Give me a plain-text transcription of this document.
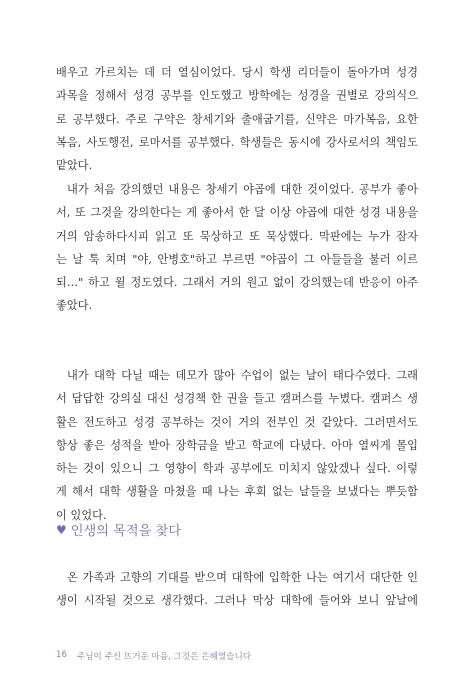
배우고 가르치는 데 더 열심이었다. 당시 학생 리더들이 돌아가며 성경
과목을 정해서 성경 공부를 인도했고 방학에는 성경을 권별로 강의식으
로 공부했다. 주로 구약은 창세기와 출애굽기를, 신약은 마가복음, 요한
복음, 사도행전, 로마서를 공부했다. 학생들은 동시에 강사로서의 책임도
맡았다.
내가 처음 강의했던 내용은 창세기 야곱에 대한 것이었다. 공부가 좋아
서, 또 그것을 강의한다는 게 좋아서 한 달 이상 야곱에 대한 성경 내용을
거의 암송하다시피 읽고 또 묵상하고 또 묵상했다. 막판에는 누가 잠자
는 날 툭 치며 "야, 안병호"하고 부르면 "야곱이 그 아들들을 불러 이르
되…" 하고 윌 정도였다. 그래서 거의 원고 없이 강의했는데 반응이 아주
좋았다.
내가 대학 다닐 때는 데모가 많아 수업이 없는 날이 태다수였다. 그래
서 답답한 강의실 대신 성경책 한 권을 들고 캠퍼스를 누볐다. 캠퍼스 생
활은 전도하고 성경 공부하는 것이 거의 전부인 것 같았다. 그러면서도
항상 좋은 성적을 받아 장학금을 받고 학교에 다녔다. 아마 열씨게 몰입
하는 것이 있으니 그 영향이 학과 공부에도 미치지 않았겠나 싶다. 이렇
게 해서 대학 생활을 마쳤을 때 나는 후회 없는 날들을 보냈다는 뿌듯함
이 있었다.
♥ 인생의 목적을 찾다
온 가족과 고향의 기대를 받으며 대학에 입학한 나는 여기서 대단한 인
생이 시작될 것으로 생각했다. 그러나 막상 대학에 들어와 보니 앞날에
16 주님이 주신 뜨거운 마음, 그것은 은혜였습니다
